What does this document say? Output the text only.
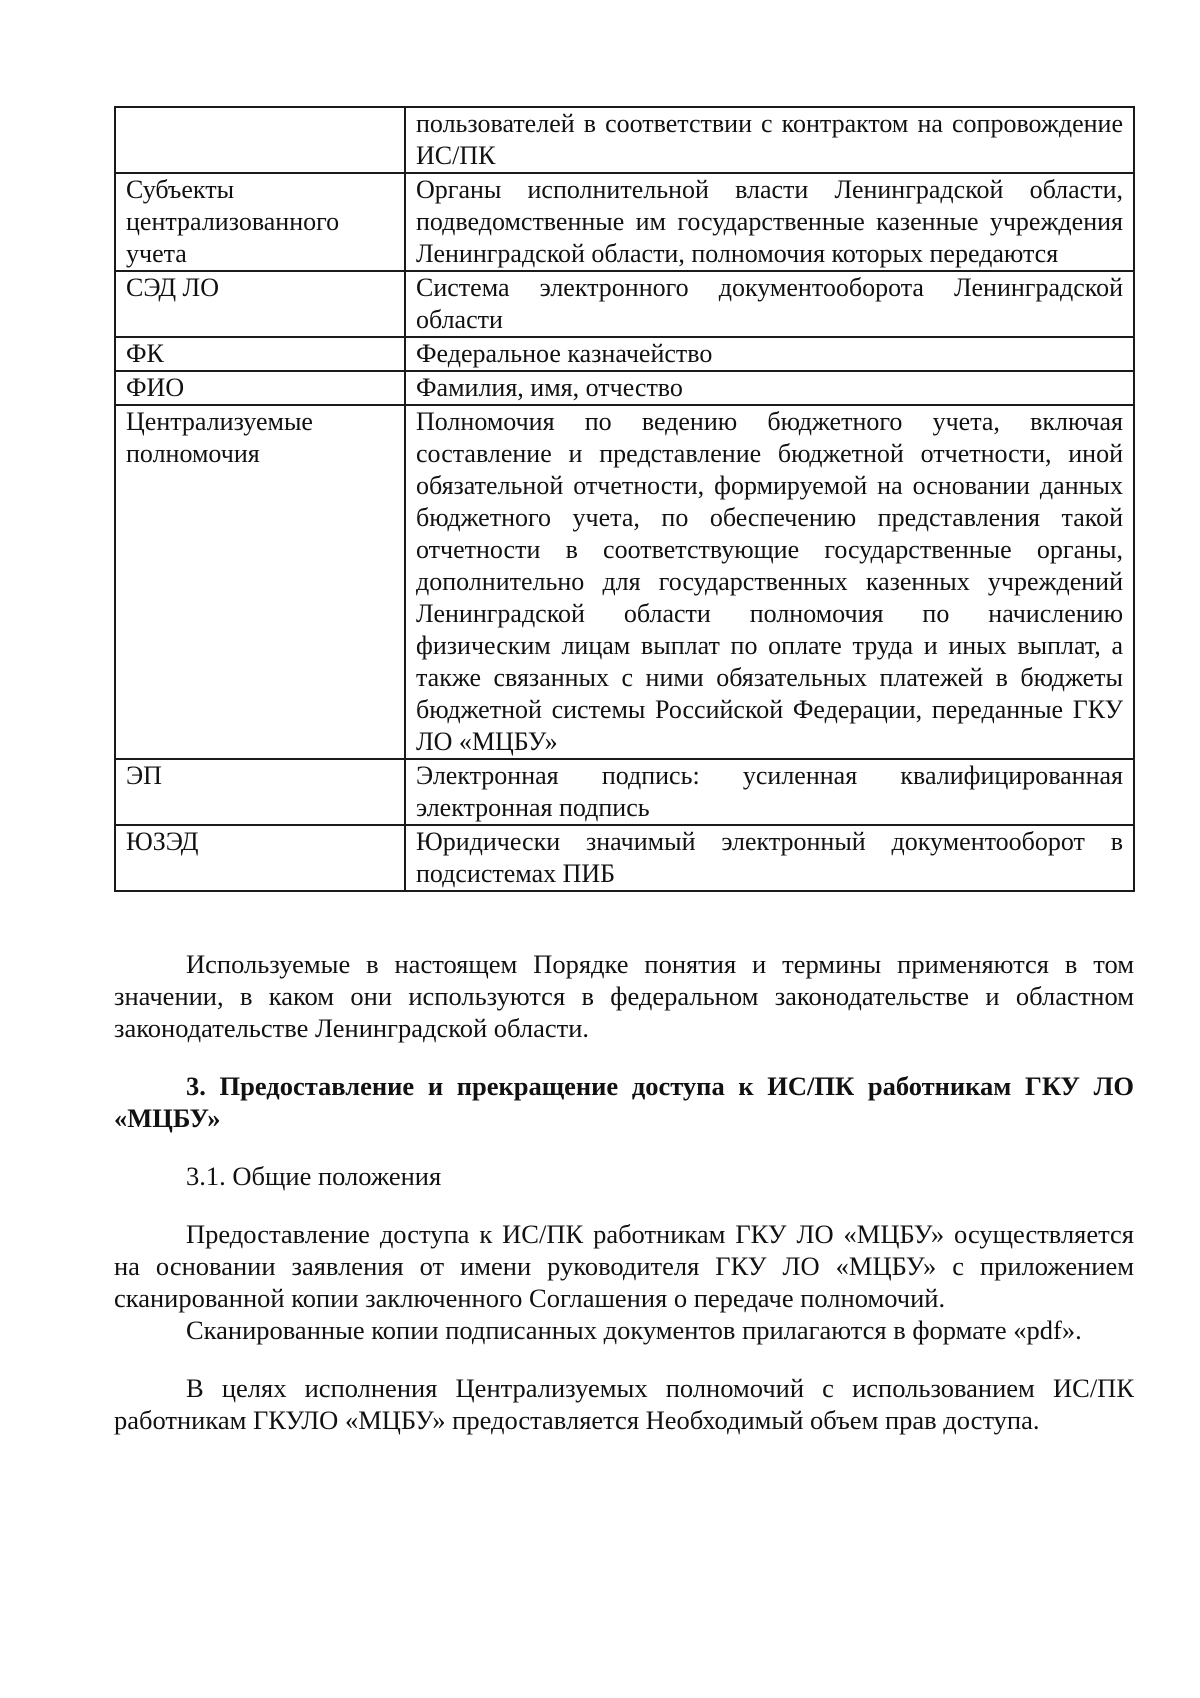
	пользователей в соответствии с контрактом на сопровождение ИС/ПК
Субъекты централизованного учета	Органы исполнительной власти Ленинградской области, подведомственные им государственные казенные учреждения Ленинградской области, полномочия которых передаются
СЭД ЛО	Система электронного документооборота Ленинградской области
ФК	Федеральное казначейство
ФИО	Фамилия, имя, отчество
Централизуемые полномочия	Полномочия по ведению бюджетного учета, включая составление и представление бюджетной отчетности, иной обязательной отчетности, формируемой на основании данных бюджетного учета, по обеспечению представления такой отчетности в соответствующие государственные органы, дополнительно для государственных казенных учреждений Ленинградской области полномочия по начислению физическим лицам выплат по оплате труда и иных выплат, а также связанных с ними обязательных платежей в бюджеты бюджетной системы Российской Федерации, переданные ГКУ ЛО «МЦБУ»
ЭП	Электронная подпись: усиленная квалифицированная электронная подпись
ЮЗЭД	Юридически значимый электронный документооборот в подсистемах ПИБ

Используемые в настоящем Порядке понятия и термины применяются в том значении, в каком они используются в федеральном законодательстве и областном законодательстве Ленинградской области.

3. Предоставление и прекращение доступа к ИС/ПК работникам ГКУ ЛО «МЦБУ»

3.1. Общие положения

Предоставление доступа к ИС/ПК работникам ГКУ ЛО «МЦБУ» осуществляется на основании заявления от имени руководителя ГКУ ЛО «МЦБУ» с приложением сканированной копии заключенного Соглашения о передаче полномочий.

Сканированные копии подписанных документов прилагаются в формате «pdf».

В целях исполнения Централизуемых полномочий с использованием ИС/ПК работникам ГКУЛО «МЦБУ» предоставляется Необходимый объем прав доступа.
